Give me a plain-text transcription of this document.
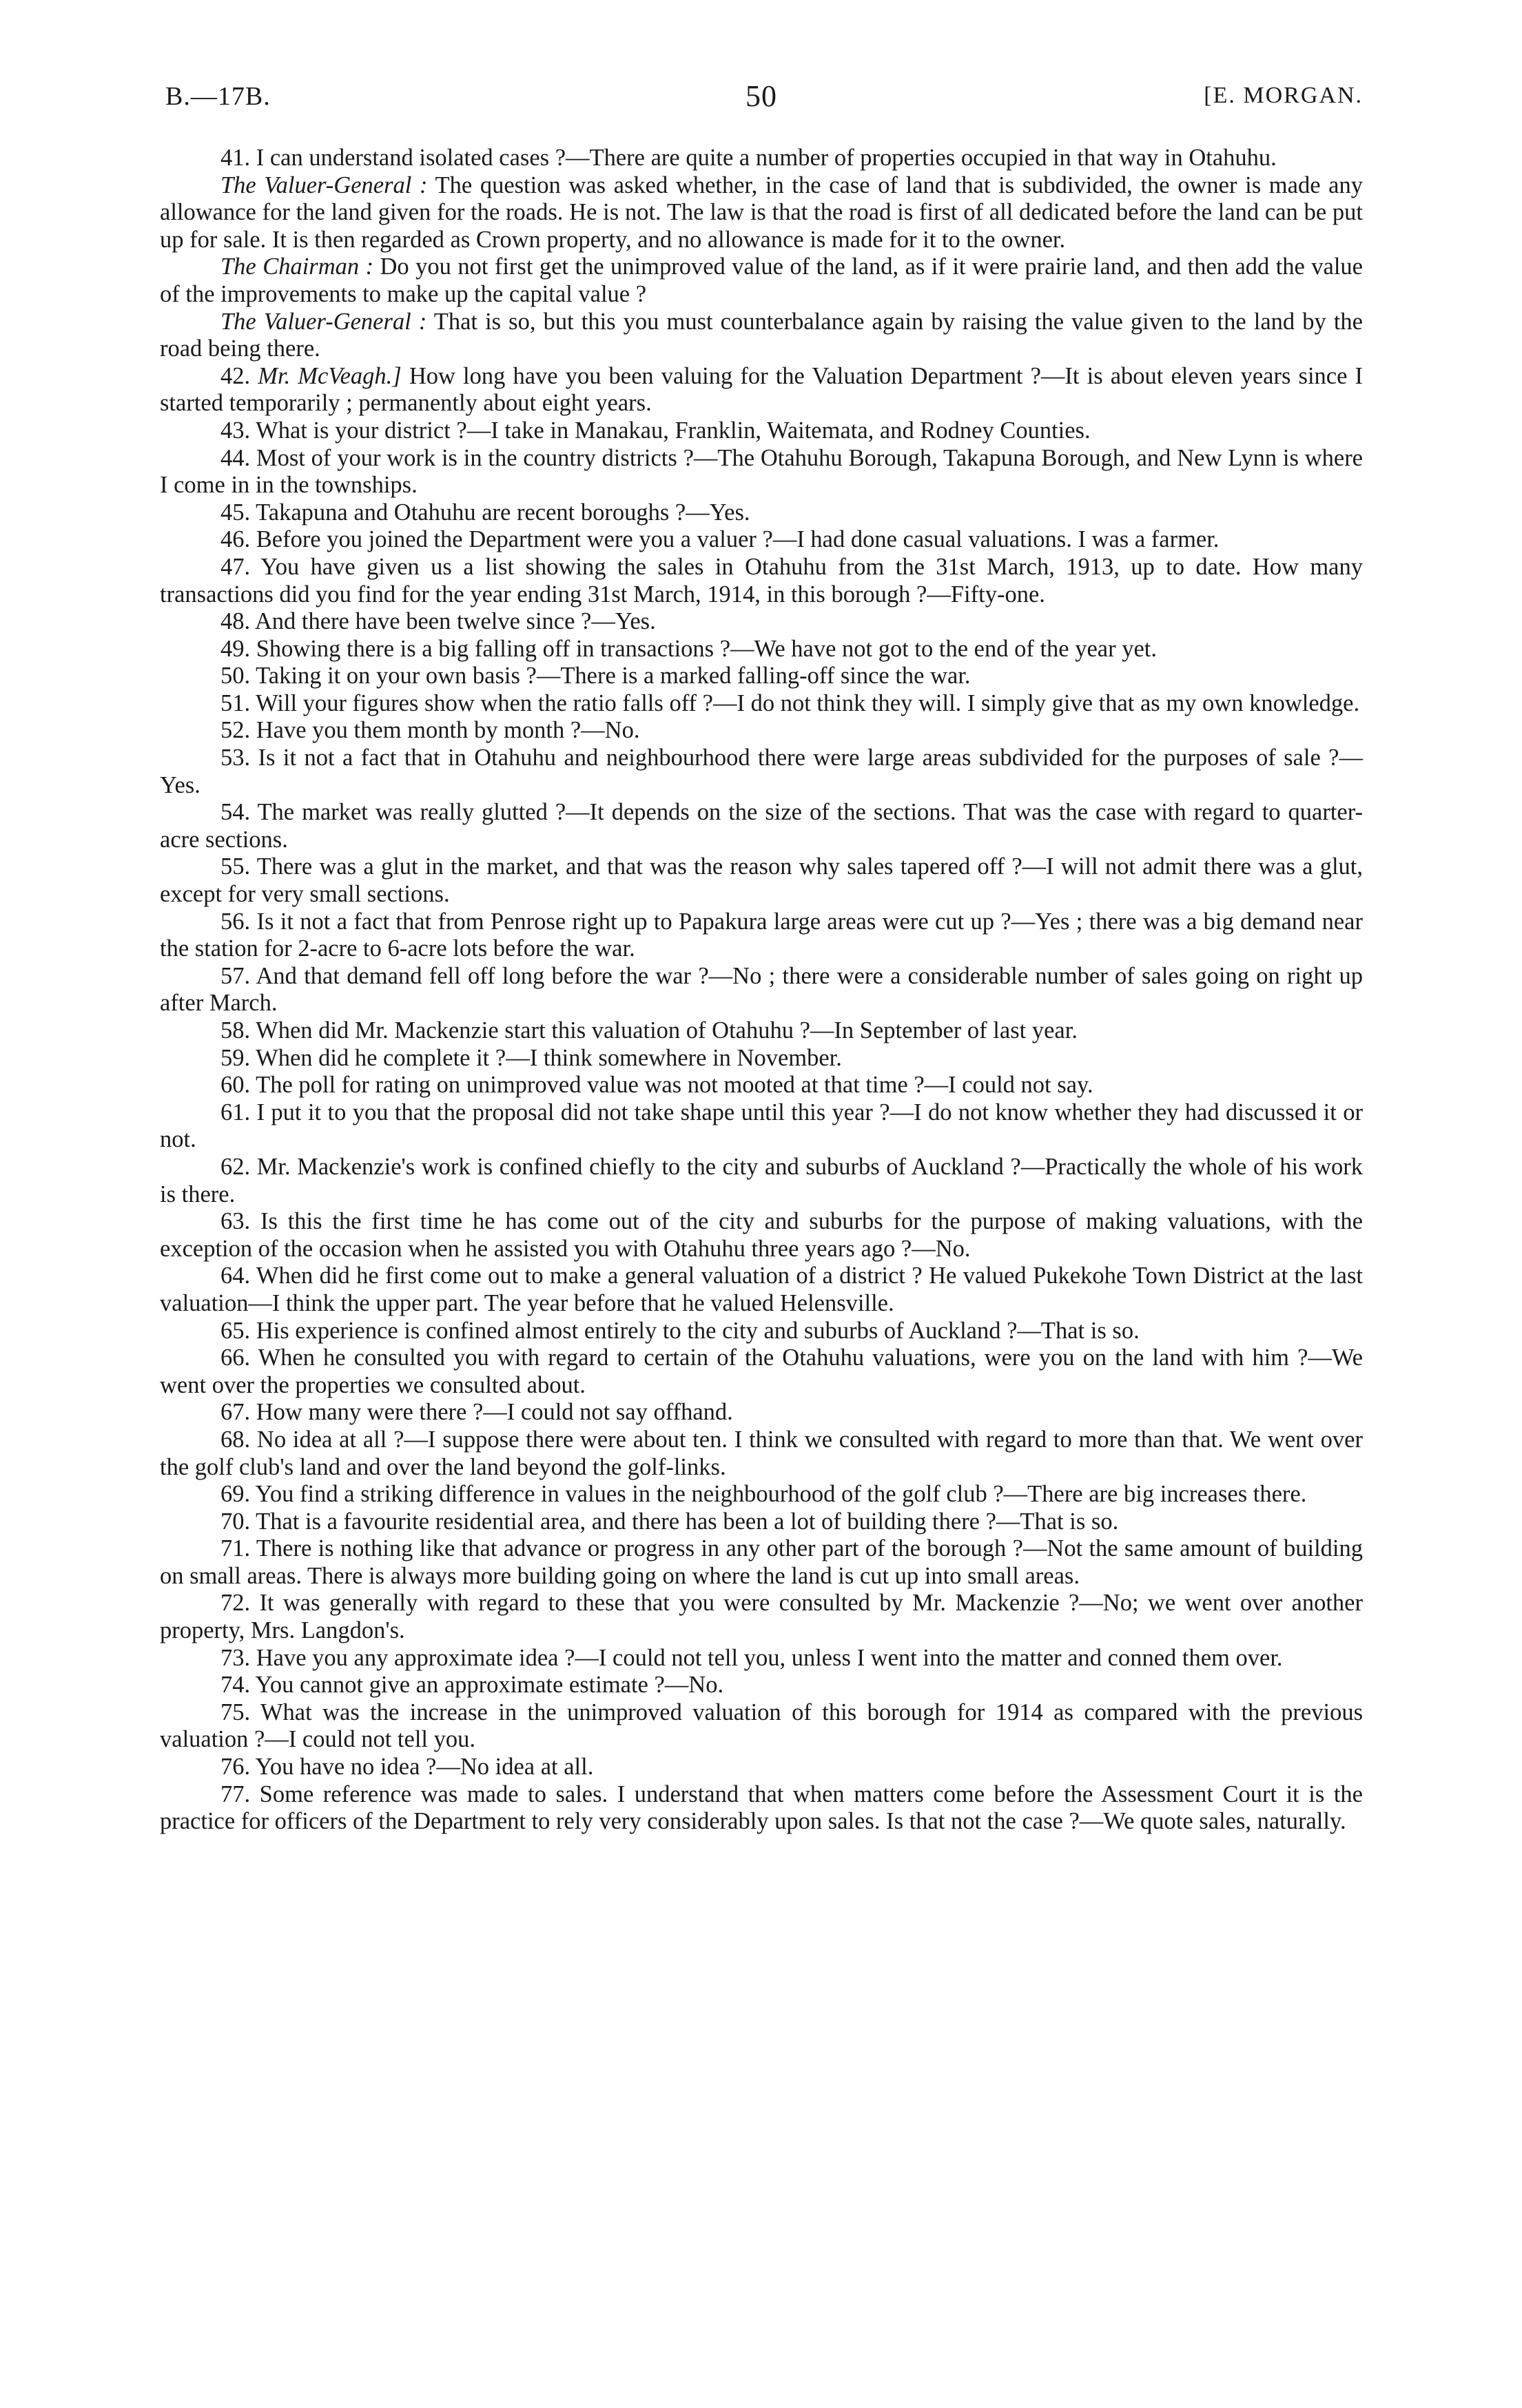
B.—17B.	50	[E. MORGAN.

41. I can understand isolated cases ?—There are quite a number of properties occupied in that way in Otahuhu.

The Valuer-General : The question was asked whether, in the case of land that is subdivided, the owner is made any allowance for the land given for the roads. He is not. The law is that the road is first of all dedicated before the land can be put up for sale. It is then regarded as Crown property, and no allowance is made for it to the owner.

The Chairman : Do you not first get the unimproved value of the land, as if it were prairie land, and then add the value of the improvements to make up the capital value ?

The Valuer-General : That is so, but this you must counterbalance again by raising the value given to the land by the road being there.

42. Mr. McVeagh.] How long have you been valuing for the Valuation Department ?—It is about eleven years since I started temporarily ; permanently about eight years.

43. What is your district ?—I take in Manakau, Franklin, Waitemata, and Rodney Counties.

44. Most of your work is in the country districts ?—The Otahuhu Borough, Takapuna Borough, and New Lynn is where I come in in the townships.

45. Takapuna and Otahuhu are recent boroughs ?—Yes.

46. Before you joined the Department were you a valuer ?—I had done casual valuations. I was a farmer.

47. You have given us a list showing the sales in Otahuhu from the 31st March, 1913, up to date. How many transactions did you find for the year ending 31st March, 1914, in this borough ?—Fifty-one.

48. And there have been twelve since ?—Yes.

49. Showing there is a big falling off in transactions ?—We have not got to the end of the year yet.

50. Taking it on your own basis ?—There is a marked falling-off since the war.

51. Will your figures show when the ratio falls off ?—I do not think they will. I simply give that as my own knowledge.

52. Have you them month by month ?—No.

53. Is it not a fact that in Otahuhu and neighbourhood there were large areas subdivided for the purposes of sale ?—Yes.

54. The market was really glutted ?—It depends on the size of the sections. That was the case with regard to quarter-acre sections.

55. There was a glut in the market, and that was the reason why sales tapered off ?—I will not admit there was a glut, except for very small sections.

56. Is it not a fact that from Penrose right up to Papakura large areas were cut up ?—Yes ; there was a big demand near the station for 2-acre to 6-acre lots before the war.

57. And that demand fell off long before the war ?—No ; there were a considerable number of sales going on right up after March.

58. When did Mr. Mackenzie start this valuation of Otahuhu ?—In September of last year.

59. When did he complete it ?—I think somewhere in November.

60. The poll for rating on unimproved value was not mooted at that time ?—I could not say.

61. I put it to you that the proposal did not take shape until this year ?—I do not know whether they had discussed it or not.

62. Mr. Mackenzie's work is confined chiefly to the city and suburbs of Auckland ?—Practically the whole of his work is there.

63. Is this the first time he has come out of the city and suburbs for the purpose of making valuations, with the exception of the occasion when he assisted you with Otahuhu three years ago ?—No.

64. When did he first come out to make a general valuation of a district ? He valued Pukekohe Town District at the last valuation—I think the upper part. The year before that he valued Helensville.

65. His experience is confined almost entirely to the city and suburbs of Auckland ?—That is so.

66. When he consulted you with regard to certain of the Otahuhu valuations, were you on the land with him ?—We went over the properties we consulted about.

67. How many were there ?—I could not say offhand.

68. No idea at all ?—I suppose there were about ten. I think we consulted with regard to more than that. We went over the golf club's land and over the land beyond the golf-links.

69. You find a striking difference in values in the neighbourhood of the golf club ?—There are big increases there.

70. That is a favourite residential area, and there has been a lot of building there ?—That is so.

71. There is nothing like that advance or progress in any other part of the borough ?—Not the same amount of building on small areas. There is always more building going on where the land is cut up into small areas.

72. It was generally with regard to these that you were consulted by Mr. Mackenzie ?—No; we went over another property, Mrs. Langdon's.

73. Have you any approximate idea ?—I could not tell you, unless I went into the matter and conned them over.

74. You cannot give an approximate estimate ?—No.

75. What was the increase in the unimproved valuation of this borough for 1914 as compared with the previous valuation ?—I could not tell you.

76. You have no idea ?—No idea at all.

77. Some reference was made to sales. I understand that when matters come before the Assessment Court it is the practice for officers of the Department to rely very considerably upon sales. Is that not the case ?—We quote sales, naturally.
